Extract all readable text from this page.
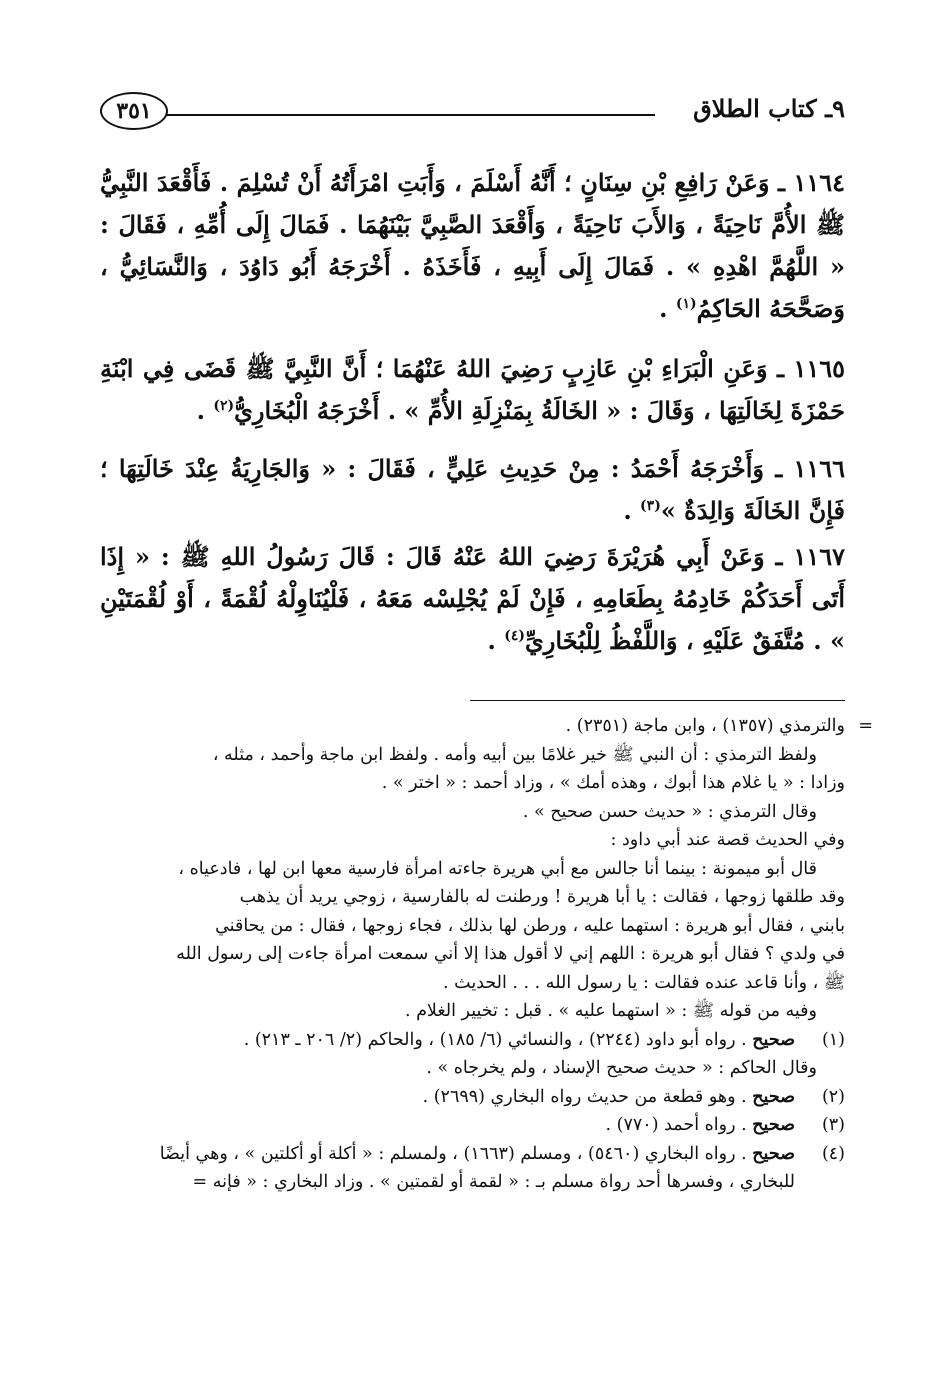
٩ـ كتاب الطلاق
٣٥١
١١٦٤ ـ وَعَنْ رَافِعِ بْنِ سِنَانٍ ؛ أَنَّهُ أَسْلَمَ ، وَأَبَتِ امْرَأَتُهُ أَنْ تُسْلِمَ . فَأَقْعَدَ النَّبِيُّ ﷺ الأُمَّ نَاحِيَةً ، وَالأَبَ نَاحِيَةً ، وَأَقْعَدَ الصَّبِيَّ بَيْنَهُمَا . فَمَالَ إِلَى أُمِّهِ ، فَقَالَ : « اللَّهُمَّ اهْدِهِ » . فَمَالَ إِلَى أَبِيهِ ، فَأَخَذَهُ . أَخْرَجَهُ أَبُو دَاوُدَ ، وَالنَّسَائِيُّ ، وَصَحَّحَهُ الحَاكِمُ$^{(١)}$ .
١١٦٥ ـ وَعَنِ الْبَرَاءِ بْنِ عَازِبٍ رَضِيَ اللهُ عَنْهُمَا ؛ أَنَّ النَّبِيَّ ﷺ قَضَى فِي ابْنَةِ حَمْزَةَ لِخَالَتِهَا ، وَقَالَ : « الخَالَةُ بِمَنْزِلَةِ الأُمِّ » . أَخْرَجَهُ الْبُخَارِيُّ$^{(٢)}$ .
١١٦٦ ـ وَأَخْرَجَهُ أَحْمَدُ : مِنْ حَدِيثِ عَلِيٍّ ، فَقَالَ : « وَالجَارِيَةُ عِنْدَ خَالَتِهَا ؛ فَإِنَّ الخَالَةَ وَالِدَةٌ »$^{(٣)}$ .
١١٦٧ ـ وَعَنْ أَبِي هُرَيْرَةَ رَضِيَ اللهُ عَنْهُ قَالَ : قَالَ رَسُولُ اللهِ ﷺ : « إِذَا أَتَى أَحَدَكُمْ خَادِمُهُ بِطَعَامِهِ ، فَإِنْ لَمْ يُجْلِسْه مَعَهُ ، فَلْيُنَاوِلْهُ لُقْمَةً ، أَوْ لُقْمَتَيْنِ » . مُتَّفَقٌ عَلَيْهِ ، وَاللَّفْظُ لِلْبُخَارِيِّ$^{(٤)}$ .
=
والترمذي (١٣٥٧) ، وابن ماجة (٢٣٥١) .
ولفظ الترمذي : أن النبي ﷺ خير غلامًا بين أبيه وأمه . ولفظ ابن ماجة وأحمد ، مثله ،
وزادا : « يا غلام هذا أبوك ، وهذه أمك » ، وزاد أحمد : « اختر » .
وقال الترمذي : « حديث حسن صحيح » .
وفي الحديث قصة عند أبي داود :
قال أبو ميمونة : بينما أنا جالس مع أبي هريرة جاءته امرأة فارسية معها ابن لها ، فادعياه ،
وقد طلقها زوجها ، فقالت : يا أبا هريرة ! ورطنت له بالفارسية ، زوجي يريد أن يذهب
بابني ، فقال أبو هريرة : استهما عليه ، ورطن لها بذلك ، فجاء زوجها ، فقال : من يحاقني
في ولدي ؟ فقال أبو هريرة : اللهم إني لا أقول هذا إلا أني سمعت امرأة جاءت إلى رسول الله
ﷺ ، وأنا قاعد عنده فقالت : يا رسول الله . . . الحديث .
وفيه من قوله ﷺ : « استهما عليه » . قبل : تخيير الغلام .
(١)
صحيح . رواه أبو داود (٢٢٤٤) ، والنسائي (٦/ ١٨٥) ، والحاكم (٢/ ٢٠٦ ـ ٢١٣) .
وقال الحاكم : « حديث صحيح الإسناد ، ولم يخرجاه » .
(٢)
صحيح . وهو قطعة من حديث رواه البخاري (٢٦٩٩) .
(٣)
صحيح . رواه أحمد (٧٧٠) .
(٤)
صحيح . رواه البخاري (٥٤٦٠) ، ومسلم (١٦٦٣) ، ولمسلم : « أكلة أو أكلتين » ، وهي أيضًا للبخاري ، وفسرها أحد رواة مسلم بـ : « لقمة أو لقمتين » . وزاد البخاري : « فإنه =
